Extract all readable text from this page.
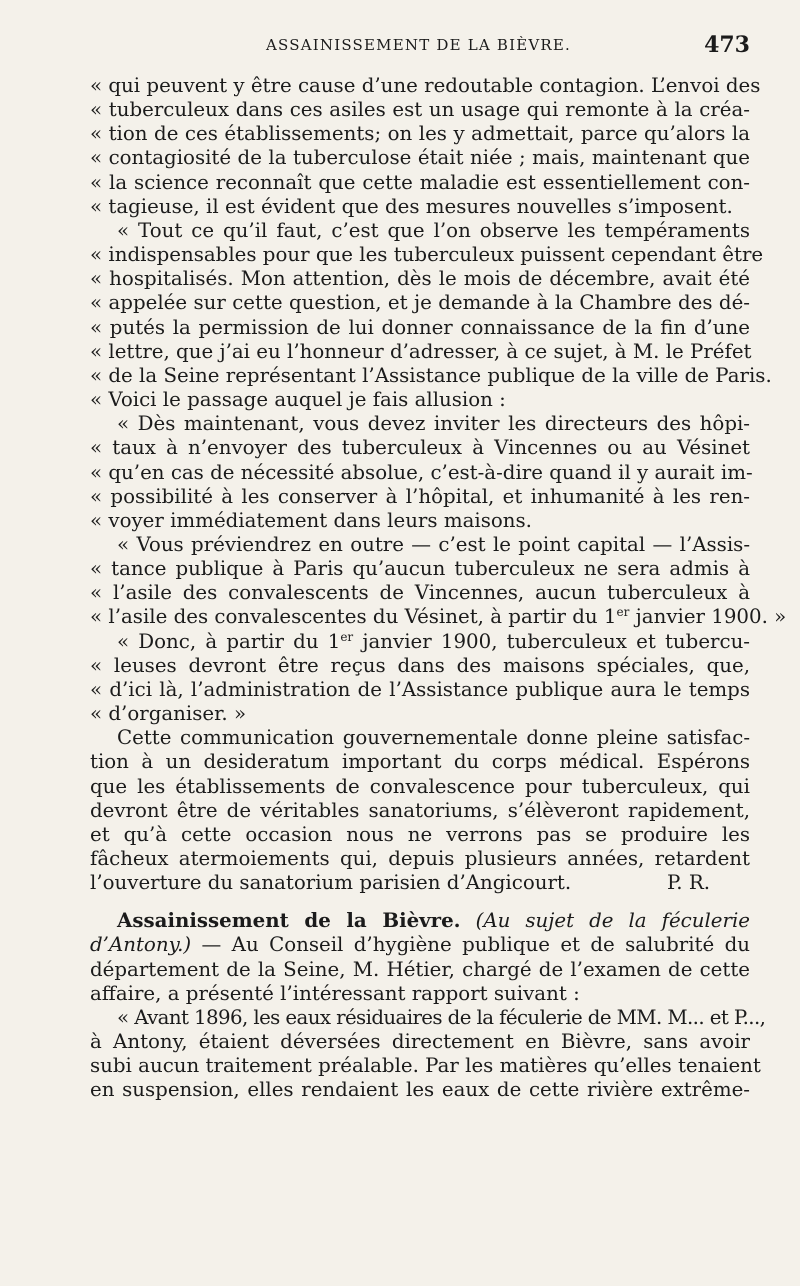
ASSAINISSEMENT DE LA BIÈVRE.	473
« qui peuvent y être cause d’une redoutable contagion. L’envoi des
« tuberculeux dans ces asiles est un usage qui remonte à la créa-
« tion de ces établissements; on les y admettait, parce qu’alors la
« contagiosité de la tuberculose était niée ; mais, maintenant que
« la science reconnaît que cette maladie est essentiellement con-
« tagieuse, il est évident que des mesures nouvelles s’imposent.
« Tout ce qu’il faut, c’est que l’on observe les tempéraments
« indispensables pour que les tuberculeux puissent cependant être
« hospitalisés. Mon attention, dès le mois de décembre, avait été
« appelée sur cette question, et je demande à la Chambre des dé-
« putés la permission de lui donner connaissance de la fin d’une
« lettre, que j’ai eu l’honneur d’adresser, à ce sujet, à M. le Préfet
« de la Seine représentant l’Assistance publique de la ville de Paris.
« Voici le passage auquel je fais allusion :
« Dès maintenant, vous devez inviter les directeurs des hôpi-
« taux à n’envoyer des tuberculeux à Vincennes ou au Vésinet
« qu’en cas de nécessité absolue, c’est-à-dire quand il y aurait im-
« possibilité à les conserver à l’hôpital, et inhumanité à les ren-
« voyer immédiatement dans leurs maisons.
« Vous préviendrez en outre — c’est le point capital — l’Assis-
« tance publique à Paris qu’aucun tuberculeux ne sera admis à
« l’asile des convalescents de Vincennes, aucun tuberculeux à
« l’asile des convalescentes du Vésinet, à partir du 1er janvier 1900. »
« Donc, à partir du 1er janvier 1900, tuberculeux et tubercu-
« leuses devront être reçus dans des maisons spéciales, que,
« d’ici là, l’administration de l’Assistance publique aura le temps
« d’organiser. »
Cette communication gouvernementale donne pleine satisfac-
tion à un desideratum important du corps médical. Espérons
que les établissements de convalescence pour tuberculeux, qui
devront être de véritables sanatoriums, s’élèveront rapidement,
et qu’à cette occasion nous ne verrons pas se produire les
fâcheux atermoiements qui, depuis plusieurs années, retardent
l’ouverture du sanatorium parisien d’Angicourt.	P. R.
Assainissement de la Bièvre. (Au sujet de la féculerie
d’Antony.) — Au Conseil d’hygiène publique et de salubrité du
département de la Seine, M. Hétier, chargé de l’examen de cette
affaire, a présenté l’intéressant rapport suivant :
« Avant 1896, les eaux résiduaires de la féculerie de MM. M... et P...,
à Antony, étaient déversées directement en Bièvre, sans avoir
subi aucun traitement préalable. Par les matières qu’elles tenaient
en suspension, elles rendaient les eaux de cette rivière extrême-
